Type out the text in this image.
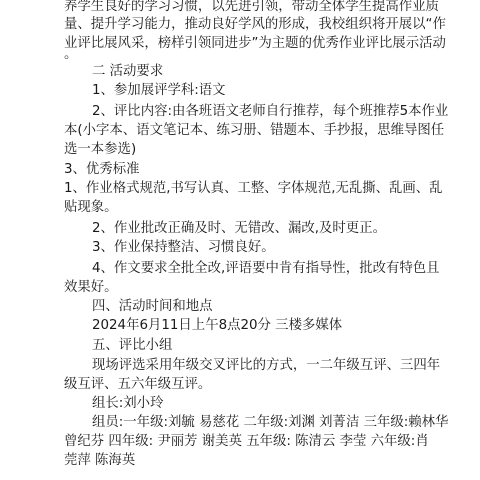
养学生良好的学习习惯，以先进引领，带动全体学生提高作业质
量、提升学习能力，推动良好学风的形成，我校组织将开展以“作
业评比展风采，榜样引领同进步”为主题的优秀作业评比展示活动
。
二 活动要求
1、参加展评学科:语文
2、评比内容:由各班语文老师自行推荐，每个班推荐5本作业
本(小字本、语文笔记本、练习册、错题本、手抄报，思维导图任
选一本参选)
3、优秀标准
1、作业格式规范,书写认真、工整、字体规范,无乱撕、乱画、乱
贴现象。
2、作业批改正确及时、无错改、漏改,及时更正。
3、作业保持整洁、习惯良好。
4、作文要求全批全改,评语要中肯有指导性，批改有特色且
效果好。
四、活动时间和地点
2024年6月11日上午8点20分 三楼多媒体
五、评比小组
现场评选采用年级交叉评比的方式，一二年级互评、三四年
级互评、五六年级互评。
组长:刘小玲
组员:一年级:刘毓 易慈花 二年级:刘渊 刘菁洁 三年级:赖林华
曾纪芬 四年级: 尹丽芳 谢美英 五年级: 陈清云 李莹 六年级:肖
莞萍 陈海英
